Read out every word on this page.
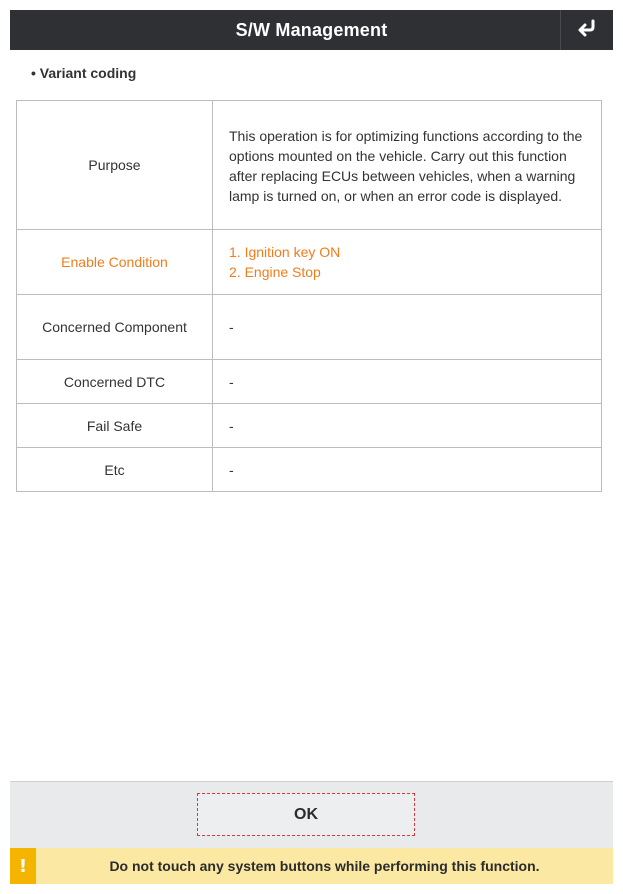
S/W Management
• Variant coding
Purpose	This operation is for optimizing functions according to the options mounted on the vehicle. Carry out this function after replacing ECUs between vehicles, when a warning lamp is turned on, or when an error code is displayed.
Enable Condition	1. Ignition key ON
2. Engine Stop

Concerned Component	-
Concerned DTC	-
Fail Safe	-
Etc	-
OK
!	Do not touch any system buttons while performing this function.
